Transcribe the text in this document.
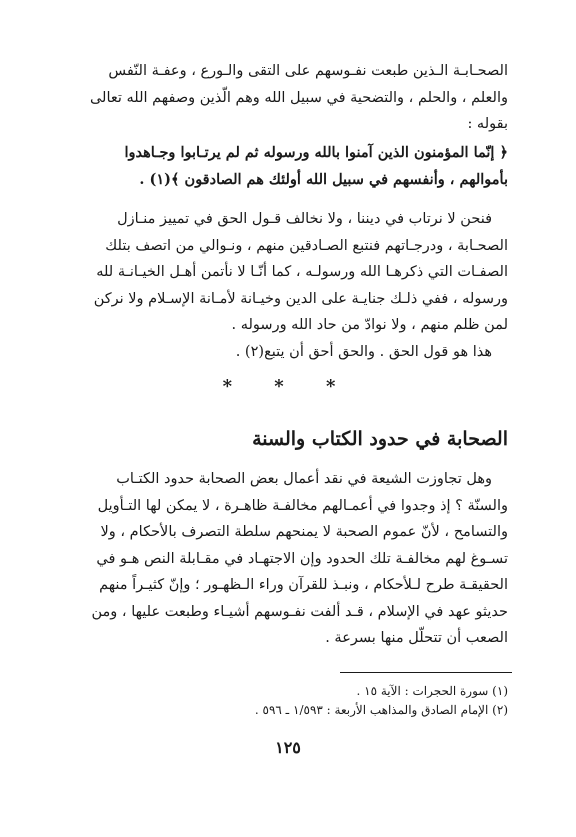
الصحـابـة الـذين طبعت نفـوسهم على التقى والـورع ، وعفـة النّفس
والعلم ، والحلم ، والتضحية في سبيل الله وهم الّذين وصفهم الله تعالى
بقوله :

﴿ إنّما المؤمنون الذين آمنوا بالله ورسوله ثم لم يرتـابوا وجـاهدوا
بأموالهم ، وأنفسهم في سبيل الله أولئك هم الصادقون ﴾(١) .

فنحن لا نرتاب في ديننا ، ولا نخالف قـول الحق في تمييز منـازل
الصحـابة ، ودرجـاتهم فنتبع الصـادقين منهم ، ونـوالي من اتصف بتلك
الصفـات التي ذكرهـا الله ورسولـه ، كما أنّـا لا نأتمن أهـل الخيـانـة لله
ورسوله ، ففي ذلـك جنايـة على الدين وخيـانة لأمـانة الإسـلام ولا نركن
لمن ظلم منهم ، ولا نوادّ من حاد الله ورسوله .
هذا هو قول الحق . والحق أحق أن يتبع(٢) .

* * *
الصحابة في حدود الكتاب والسنة

وهل تجاوزت الشيعة في نقد أعمال بعض الصحابة حدود الكتـاب
والسنّة ؟ إذ وجدوا في أعمـالهم مخالفـة ظاهـرة ، لا يمكن لها التـأويل
والتسامح ، لأنّ عموم الصحبة لا يمنحهم سلطة التصرف بالأحكام ، ولا
تسـوغ لهم مخالفـة تلك الحدود وإن الاجتهـاد في مقـابلة النص هـو في
الحقيقـة طرح لـلأحكام ، ونبـذ للقرآن وراء الـظهـور ؛ وإنّ كثيـراً منهم
حديثو عهد في الإسلام ، قـد ألفت نفـوسهم أشيـاء وطبعت عليها ، ومن
الصعب أن تتحلّل منها بسرعة .

(١) سورة الحجرات : الآية ١٥ .
(٢) الإمام الصادق والمذاهب الأربعة : ١/٥٩٣ ـ ٥٩٦ .
١٢٥
